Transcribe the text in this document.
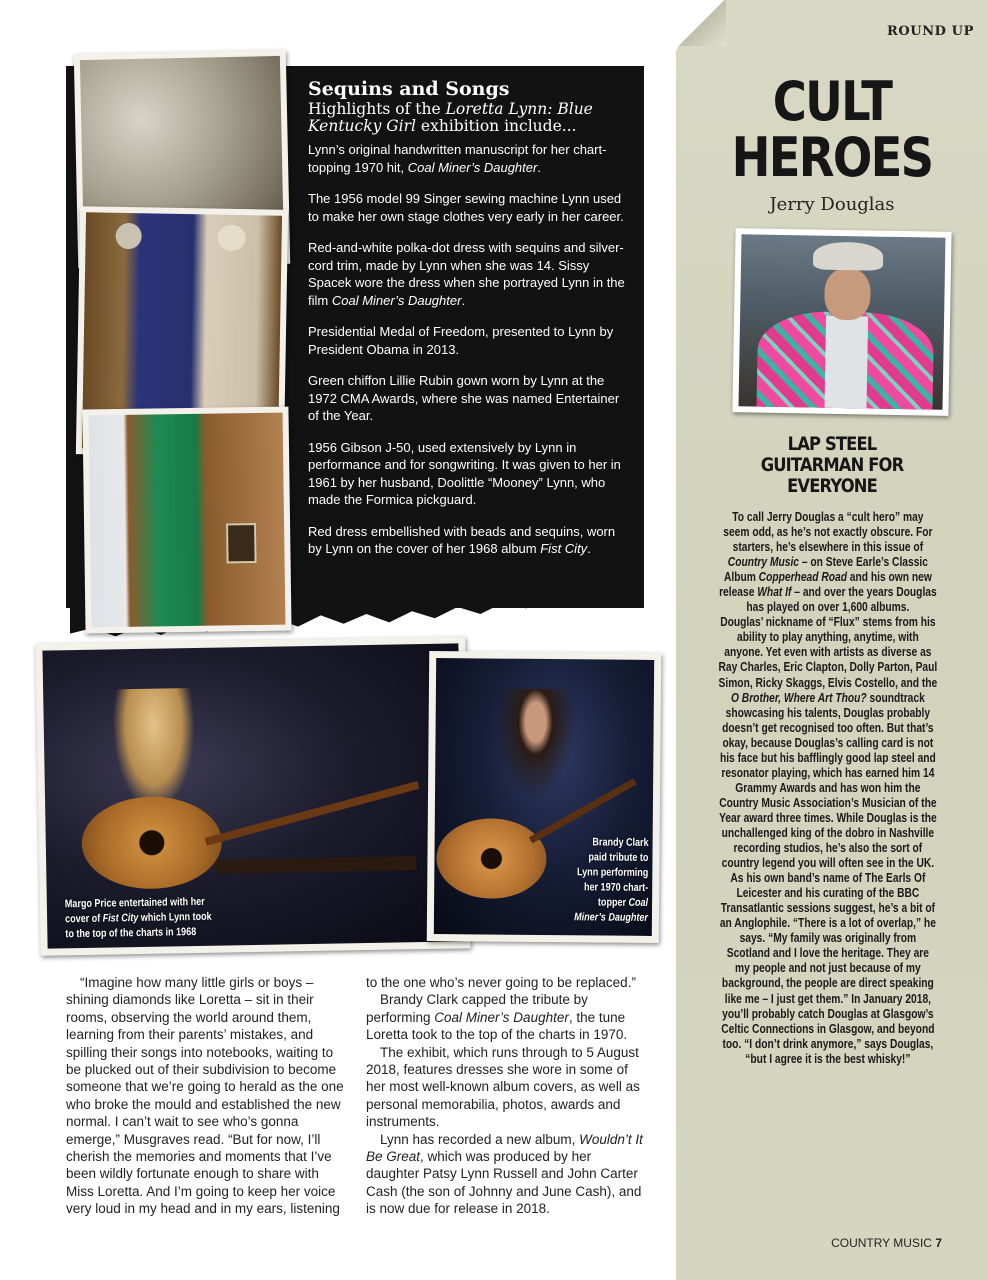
Sequins and Songs
Highlights of the Loretta Lynn: Blue Kentucky Girl exhibition include...
Lynn’s original handwritten manuscript for her chart-topping 1970 hit, Coal Miner’s Daughter.
The 1956 model 99 Singer sewing machine Lynn used to make her own stage clothes very early in her career.
Red-and-white polka-dot dress with sequins and silver-cord trim, made by Lynn when she was 14. Sissy Spacek wore the dress when she portrayed Lynn in the film Coal Miner’s Daughter.
Presidential Medal of Freedom, presented to Lynn by President Obama in 2013.
Green chiffon Lillie Rubin gown worn by Lynn at the 1972 CMA Awards, where she was named Entertainer of the Year.
1956 Gibson J-50, used extensively by Lynn in performance and for songwriting. It was given to her in 1961 by her husband, Doolittle “Mooney” Lynn, who made the Formica pickguard.
Red dress embellished with beads and sequins, worn by Lynn on the cover of her 1968 album Fist City.
Margo Price entertained with her
cover of Fist City which Lynn took
to the top of the charts in 1968
Brandy Clark
paid tribute to
Lynn performing
her 1970 chart-
topper Coal
Miner’s Daughter

“Imagine how many little girls or boys – shining diamonds like Loretta – sit in their rooms, observing the world around them, learning from their parents’ mistakes, and spilling their songs into notebooks, waiting to be plucked out of their subdivision to become someone that we’re going to herald as the one who broke the mould and established the new normal. I can’t wait to see who’s gonna emerge,” Musgraves read. “But for now, I’ll cherish the memories and moments that I’ve been wildly fortunate enough to share with Miss Loretta. And I’m going to keep her voice very loud in my head and in my ears, listening

to the one who’s never going to be replaced.”

Brandy Clark capped the tribute by performing Coal Miner’s Daughter, the tune Loretta took to the top of the charts in 1970.

The exhibit, which runs through to 5 August 2018, features dresses she wore in some of her most well-known album covers, as well as personal memorabilia, photos, awards and instruments.

Lynn has recorded a new album, Wouldn’t It Be Great, which was produced by her daughter Patsy Lynn Russell and John Carter Cash (the son of Johnny and June Cash), and is now due for release in 2018.

ROUND UP
CULT
HEROES
Jerry Douglas
LAP STEEL
GUITARMAN FOR
EVERYONE
To call Jerry Douglas a “cult hero” may seem odd, as he’s not exactly obscure. For starters, he’s elsewhere in this issue of Country Music – on Steve Earle’s Classic Album Copperhead Road and his own new release What If – and over the years Douglas has played on over 1,600 albums.
Douglas’ nickname of “Flux” stems from his ability to play anything, anytime, with anyone. Yet even with artists as diverse as Ray Charles, Eric Clapton, Dolly Parton, Paul Simon, Ricky Skaggs, Elvis Costello, and the O Brother, Where Art Thou? soundtrack showcasing his talents, Douglas probably doesn’t get recognised too often. But that’s okay, because Douglas’s calling card is not his face but his bafflingly good lap steel and resonator playing, which has earned him 14 Grammy Awards and has won him the Country Music Association’s Musician of the Year award three times. While Douglas is the unchallenged king of the dobro in Nashville recording studios, he’s also the sort of country legend you will often see in the UK. As his own band’s name of The Earls Of Leicester and his curating of the BBC Transatlantic sessions suggest, he’s a bit of an Anglophile. “There is a lot of overlap,” he says. “My family was originally from Scotland and I love the heritage. They are my people and not just because of my background, the people are direct speaking like me – I just get them.” In January 2018, you’ll probably catch Douglas at Glasgow’s Celtic Connections in Glasgow, and beyond too. “I don’t drink anymore,” says Douglas, “but I agree it is the best whisky!”
COUNTRY MUSIC 7
